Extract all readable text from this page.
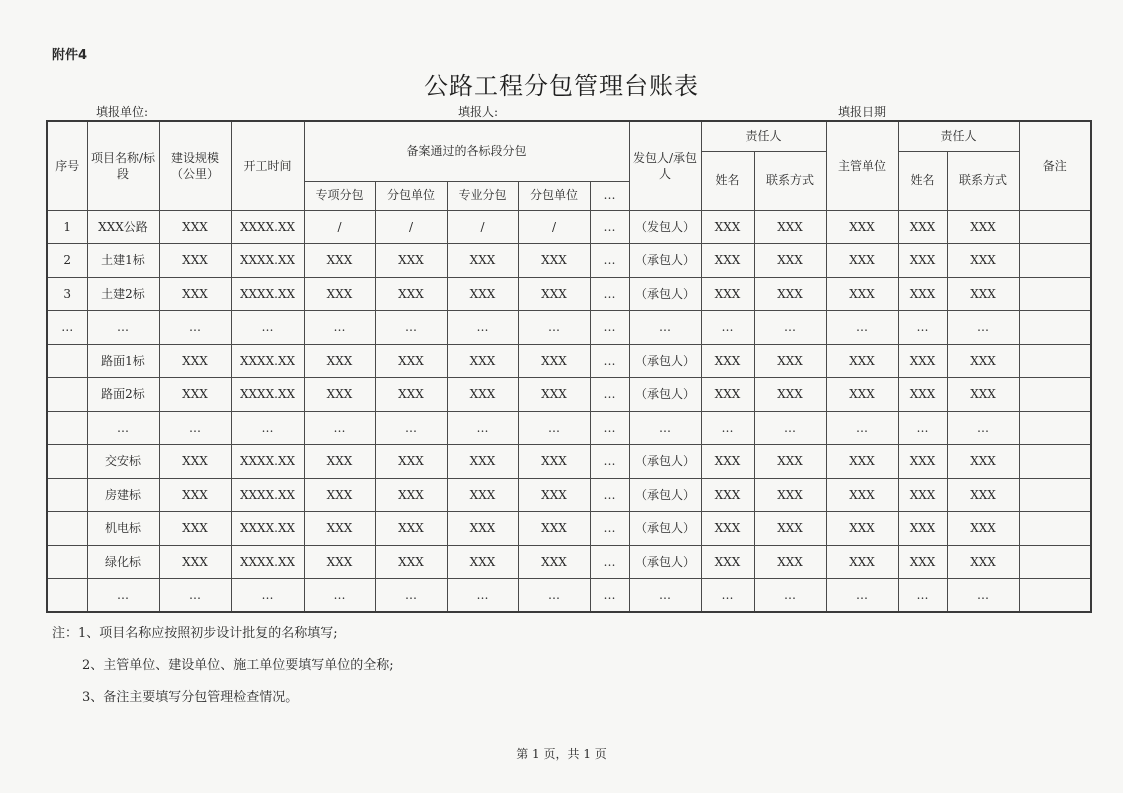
附件4
公路工程分包管理台账表
填报单位:	填报人:	填报日期
序号	项目名称/标段	建设规模（公里）	开工时间	备案通过的各标段分包					发包人/承包人	责任人		主管单位	责任人		备注
										姓名	联系方式		姓名	联系方式	
				专项分包	分包单位	专业分包	分包单位	…							
1	XXX公路	XXX	XXXX.XX	/	/	/	/	…	（发包人）	XXX	XXX	XXX	XXX	XXX	
2	土建1标	XXX	XXXX.XX	XXX	XXX	XXX	XXX	…	（承包人）	XXX	XXX	XXX	XXX	XXX	
3	土建2标	XXX	XXXX.XX	XXX	XXX	XXX	XXX	…	（承包人）	XXX	XXX	XXX	XXX	XXX	
…	…	…	…	…	…	…	…	…	…	…	…	…	…	…	
	路面1标	XXX	XXXX.XX	XXX	XXX	XXX	XXX	…	（承包人）	XXX	XXX	XXX	XXX	XXX	
	路面2标	XXX	XXXX.XX	XXX	XXX	XXX	XXX	…	（承包人）	XXX	XXX	XXX	XXX	XXX	
	…	…	…	…	…	…	…	…	…	…	…	…	…	…	
	交安标	XXX	XXXX.XX	XXX	XXX	XXX	XXX	…	（承包人）	XXX	XXX	XXX	XXX	XXX	
	房建标	XXX	XXXX.XX	XXX	XXX	XXX	XXX	…	（承包人）	XXX	XXX	XXX	XXX	XXX	
	机电标	XXX	XXXX.XX	XXX	XXX	XXX	XXX	…	（承包人）	XXX	XXX	XXX	XXX	XXX	
	绿化标	XXX	XXXX.XX	XXX	XXX	XXX	XXX	…	（承包人）	XXX	XXX	XXX	XXX	XXX	
	…	…	…	…	…	…	…	…	…	…	…	…	…	…	
注：1、项目名称应按照初步设计批复的名称填写;
2、主管单位、建设单位、施工单位要填写单位的全称;
3、备注主要填写分包管理检查情况。
第 1 页，共 1 页
